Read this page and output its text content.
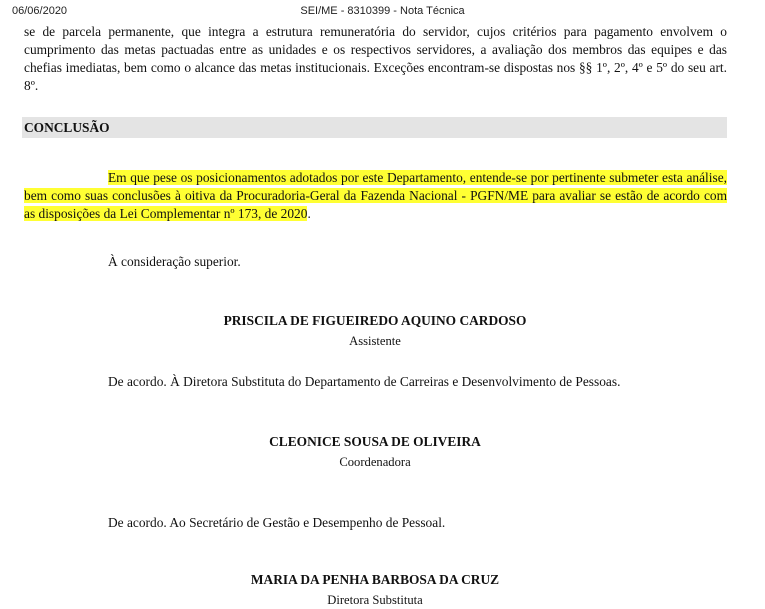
06/06/2020	SEI/ME - 8310399 - Nota Técnica
se de parcela permanente, que integra a estrutura remuneratória do servidor, cujos critérios para pagamento envolvem o cumprimento das metas pactuadas entre as unidades e os respectivos servidores, a avaliação dos membros das equipes e das chefias imediatas, bem como o alcance das metas institucionais. Exceções encontram-se dispostas nos §§ 1º, 2º, 4º e 5º do seu art. 8º.
CONCLUSÃO
Em que pese os posicionamentos adotados por este Departamento, entende-se por pertinente submeter esta análise, bem como suas conclusões à oitiva da Procuradoria-Geral da Fazenda Nacional - PGFN/ME para avaliar se estão de acordo com as disposições da Lei Complementar nº 173, de 2020.
À consideração superior.
PRISCILA DE FIGUEIREDO AQUINO CARDOSO
Assistente
De acordo. À Diretora Substituta do Departamento de Carreiras e Desenvolvimento de Pessoas.
CLEONICE SOUSA DE OLIVEIRA
Coordenadora
De acordo. Ao Secretário de Gestão e Desempenho de Pessoal.
MARIA DA PENHA BARBOSA DA CRUZ
Diretora Substituta
